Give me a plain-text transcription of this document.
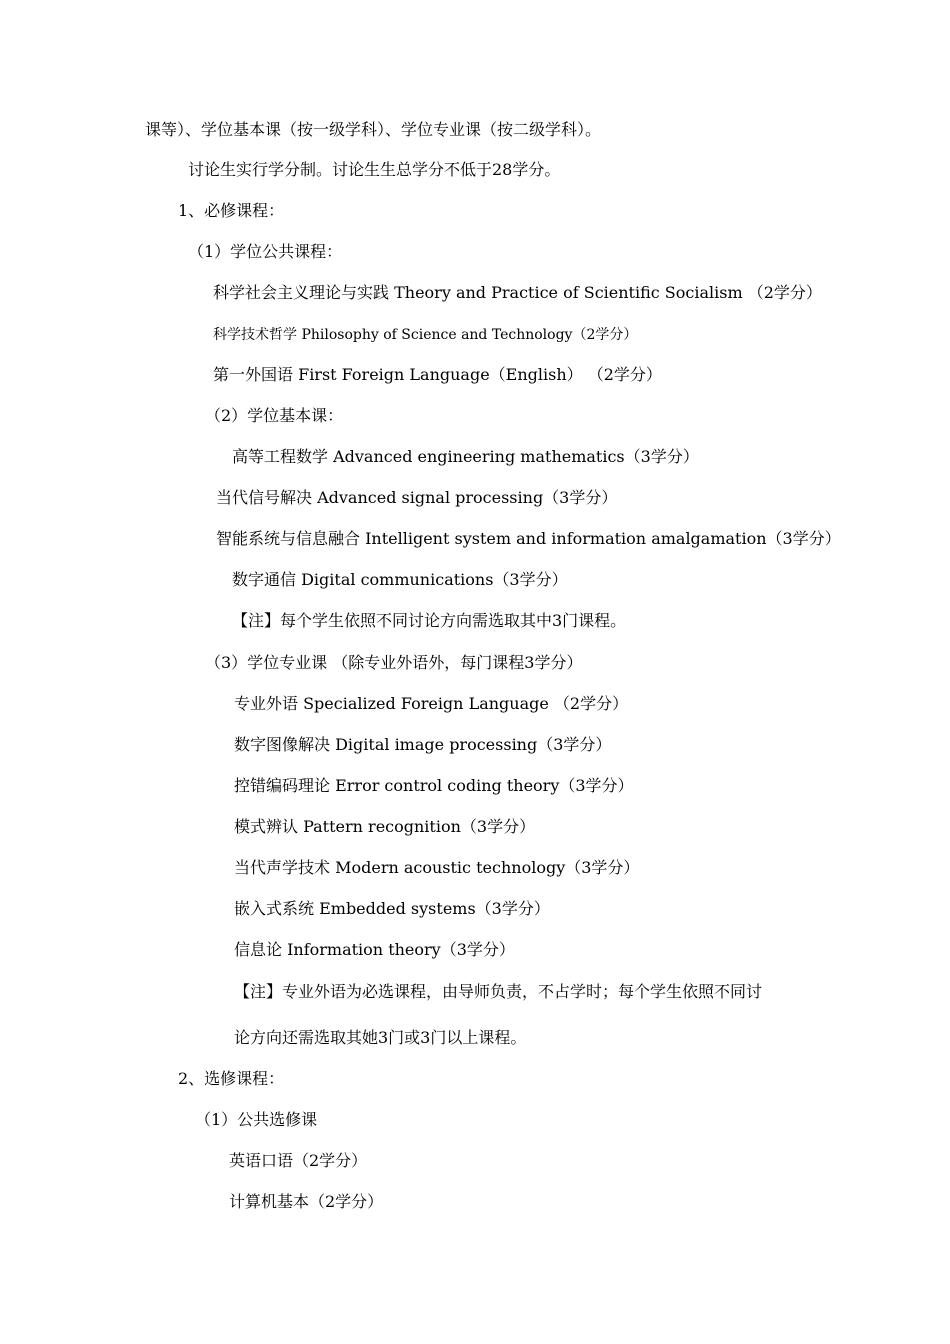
课等）、学位基本课（按一级学科）、学位专业课（按二级学科）。
讨论生实行学分制。讨论生生总学分不低于28学分。
1、必修课程：
（1）学位公共课程：
科学社会主义理论与实践 Theory and Practice of Scientific Socialism （2学分）
科学技术哲学 Philosophy of Science and Technology（2学分）
第一外国语 First Foreign Language（English） （2学分）
（2）学位基本课：
高等工程数学 Advanced engineering mathematics（3学分）
当代信号解决 Advanced signal processing（3学分）
智能系统与信息融合 Intelligent system and information amalgamation（3学分）
数字通信 Digital communications（3学分）
【注】每个学生依照不同讨论方向需选取其中3门课程。
（3）学位专业课 （除专业外语外，每门课程3学分）
专业外语 Specialized Foreign Language （2学分）
数字图像解决 Digital image processing（3学分）
控错编码理论 Error control coding theory（3学分）
模式辨认 Pattern recognition（3学分）
当代声学技术 Modern acoustic technology（3学分）
嵌入式系统 Embedded systems（3学分）
信息论 Information theory（3学分）
【注】专业外语为必选课程，由导师负责，不占学时；每个学生依照不同讨
论方向还需选取其她3门或3门以上课程。
2、选修课程：
（1）公共选修课
英语口语（2学分）
计算机基本（2学分）
